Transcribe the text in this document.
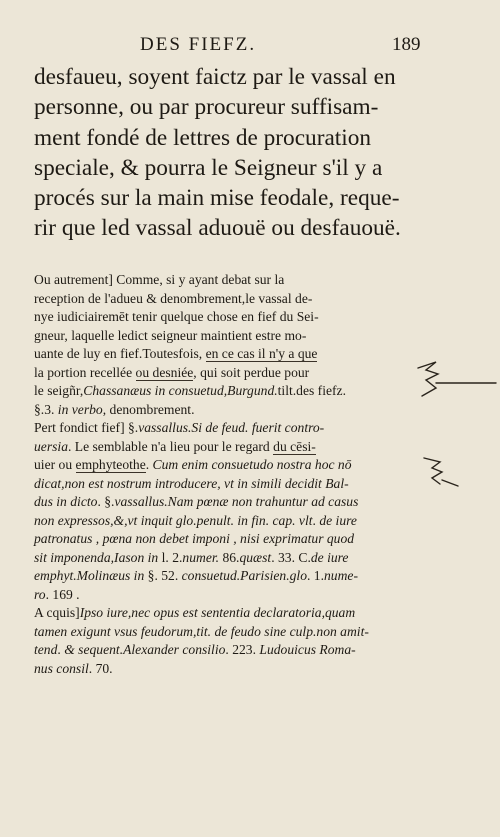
DES FIEFZ.	189
desfaueu, soyent faictz par le vassal en
personne, ou par procureur suffisam-
ment fondé de lettres de procuration
speciale, & pourra le Seigneur s'il y a
procés sur la main mise feodale, reque-
rir que led vassal aduouë ou desfauouë.
Ou autrement] Comme, si y ayant debat sur la
reception de l'adueu & denombrement,le vassal de-
nye iudiciairemēt tenir quelque chose en fief du Sei-
gneur, laquelle ledict seigneur maintient estre mo-
uante de luy en fief.Toutesfois, en ce cas il n'y a que
la portion recellée ou desniée, qui soit perdue pour
le seigñr,Chassanæus in consuetud,Burgund.tilt.des fiefz.
§.3. in verbo, denombrement.
Pert fondict fief] §.vassallus.Si de feud. fuerit contro-
uersia. Le semblable n'a lieu pour le regard du cēsi-
uier ou emphyteothe. Cum enim consuetudo nostra hoc nō
dicat,non est nostrum introducere, vt in simili decidit Bal-
dus in dicto. §.vassallus.Nam pœnæ non trahuntur ad casus
non expressos,&,vt inquit glo.penult. in fin. cap. vlt. de iure
patronatus , pœna non debet imponi , nisi exprimatur quod
sit imponenda,Iason in l. 2.numer. 86.quæst. 33. C.de iure
emphyt.Molinæus in §. 52. consuetud.Parisien.glo. 1.nume-
ro. 169 .
A cquis]Ipso iure,nec opus est sententia declaratoria,quam
tamen exigunt vsus feudorum,tit. de feudo sine culp.non amit-
tend. & sequent.Alexander consilio. 223. Ludouicus Roma-
nus consil. 70.
